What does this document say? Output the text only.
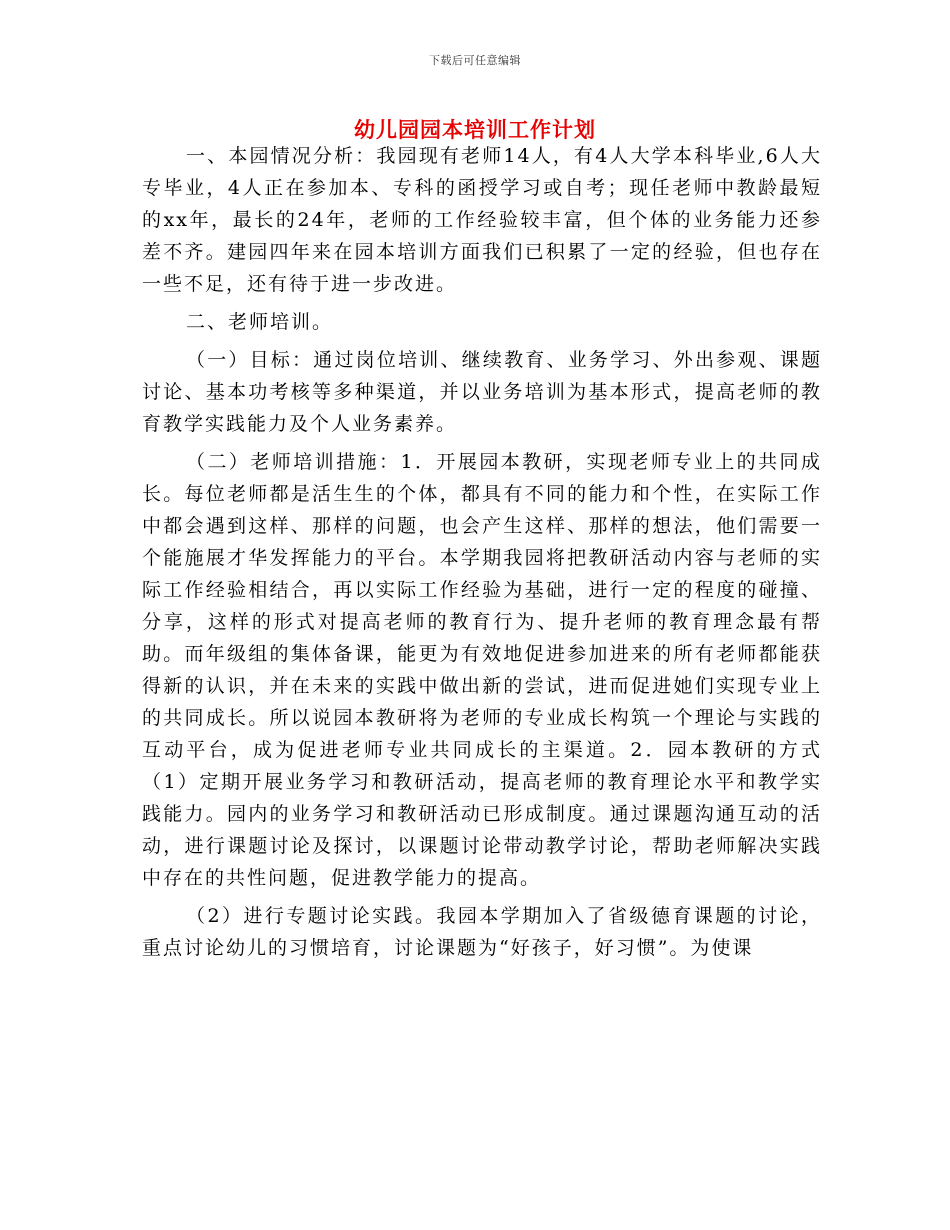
下载后可任意编辑
幼儿园园本培训工作计划

一、本园情况分析：我园现有老师14人，有4人大学本科毕业,6人大专毕业，4人正在参加本、专科的函授学习或自考；现任老师中教龄最短的xx年，最长的24年，老师的工作经验较丰富，但个体的业务能力还参差不齐。建园四年来在园本培训方面我们已积累了一定的经验，但也存在一些不足，还有待于进一步改进。

二、老师培训。

（一）目标：通过岗位培训、继续教育、业务学习、外出参观、课题讨论、基本功考核等多种渠道，并以业务培训为基本形式，提高老师的教育教学实践能力及个人业务素养。

（二）老师培训措施：1．开展园本教研，实现老师专业上的共同成长。每位老师都是活生生的个体，都具有不同的能力和个性，在实际工作中都会遇到这样、那样的问题，也会产生这样、那样的想法，他们需要一个能施展才华发挥能力的平台。本学期我园将把教研活动内容与老师的实际工作经验相结合，再以实际工作经验为基础，进行一定的程度的碰撞、分享，这样的形式对提高老师的教育行为、提升老师的教育理念最有帮助。而年级组的集体备课，能更为有效地促进参加进来的所有老师都能获得新的认识，并在未来的实践中做出新的尝试，进而促进她们实现专业上的共同成长。所以说园本教研将为老师的专业成长构筑一个理论与实践的互动平台，成为促进老师专业共同成长的主渠道。2．园本教研的方式（1）定期开展业务学习和教研活动，提高老师的教育理论水平和教学实践能力。园内的业务学习和教研活动已形成制度。通过课题沟通互动的活动，进行课题讨论及探讨，以课题讨论带动教学讨论，帮助老师解决实践中存在的共性问题，促进教学能力的提高。

（2）进行专题讨论实践。我园本学期加入了省级德育课题的讨论，重点讨论幼儿的习惯培育，讨论课题为“好孩子，好习惯”。为使课
